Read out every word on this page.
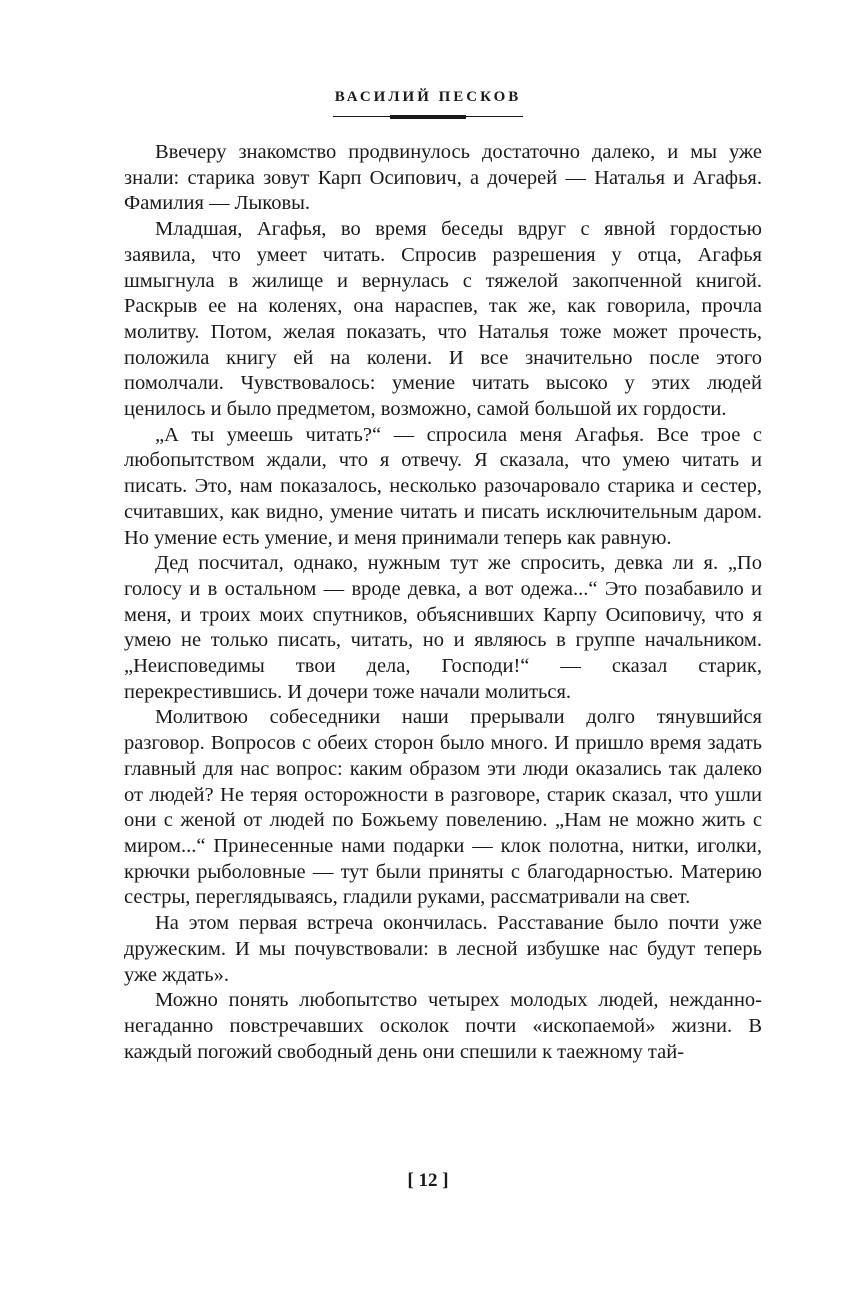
ВАСИЛИЙ ПЕСКОВ

Ввечеру знакомство продвинулось достаточно далеко, и мы уже знали: старика зовут Карп Осипович, а дочерей — Наталья и Агафья. Фамилия — Лыковы.

Младшая, Агафья, во время беседы вдруг с явной гордостью заявила, что умеет читать. Спросив разрешения у отца, Агафья шмыгнула в жилище и вернулась с тяжелой закопченной книгой. Раскрыв ее на коленях, она нараспев, так же, как говорила, прочла молитву. Потом, желая показать, что Наталья тоже может прочесть, положила книгу ей на колени. И все значительно после этого помолчали. Чувствовалось: умение читать высоко у этих людей ценилось и было предметом, возможно, самой большой их гордости.

„А ты умеешь читать?“ — спросила меня Агафья. Все трое с любопытством ждали, что я отвечу. Я сказала, что умею читать и писать. Это, нам показалось, несколько разочаровало старика и сестер, считавших, как видно, умение читать и писать исключительным даром. Но умение есть умение, и меня принимали теперь как равную.

Дед посчитал, однако, нужным тут же спросить, девка ли я. „По голосу и в остальном — вроде девка, а вот одежа...“ Это позабавило и меня, и троих моих спутников, объяснивших Карпу Осиповичу, что я умею не только писать, читать, но и являюсь в группе начальником. „Неисповедимы твои дела, Господи!“ — сказал старик, перекрестившись. И дочери тоже начали молиться.

Молитвою собеседники наши прерывали долго тянувшийся разговор. Вопросов с обеих сторон было много. И пришло время задать главный для нас вопрос: каким образом эти люди оказались так далеко от людей? Не теряя осторожности в разговоре, старик сказал, что ушли они с женой от людей по Божьему повелению. „Нам не можно жить с миром...“ Принесенные нами подарки — клок полотна, нитки, иголки, крючки рыболовные — тут были приняты с благодарностью. Материю сестры, переглядываясь, гладили руками, рассматривали на свет.

На этом первая встреча окончилась. Расставание было почти уже дружеским. И мы почувствовали: в лесной избушке нас будут теперь уже ждать».

Можно понять любопытство четырех молодых людей, нежданно-негаданно повстречавших осколок почти «ископаемой» жизни. В каждый погожий свободный день они спешили к таежному тай-

[ 12 ]
